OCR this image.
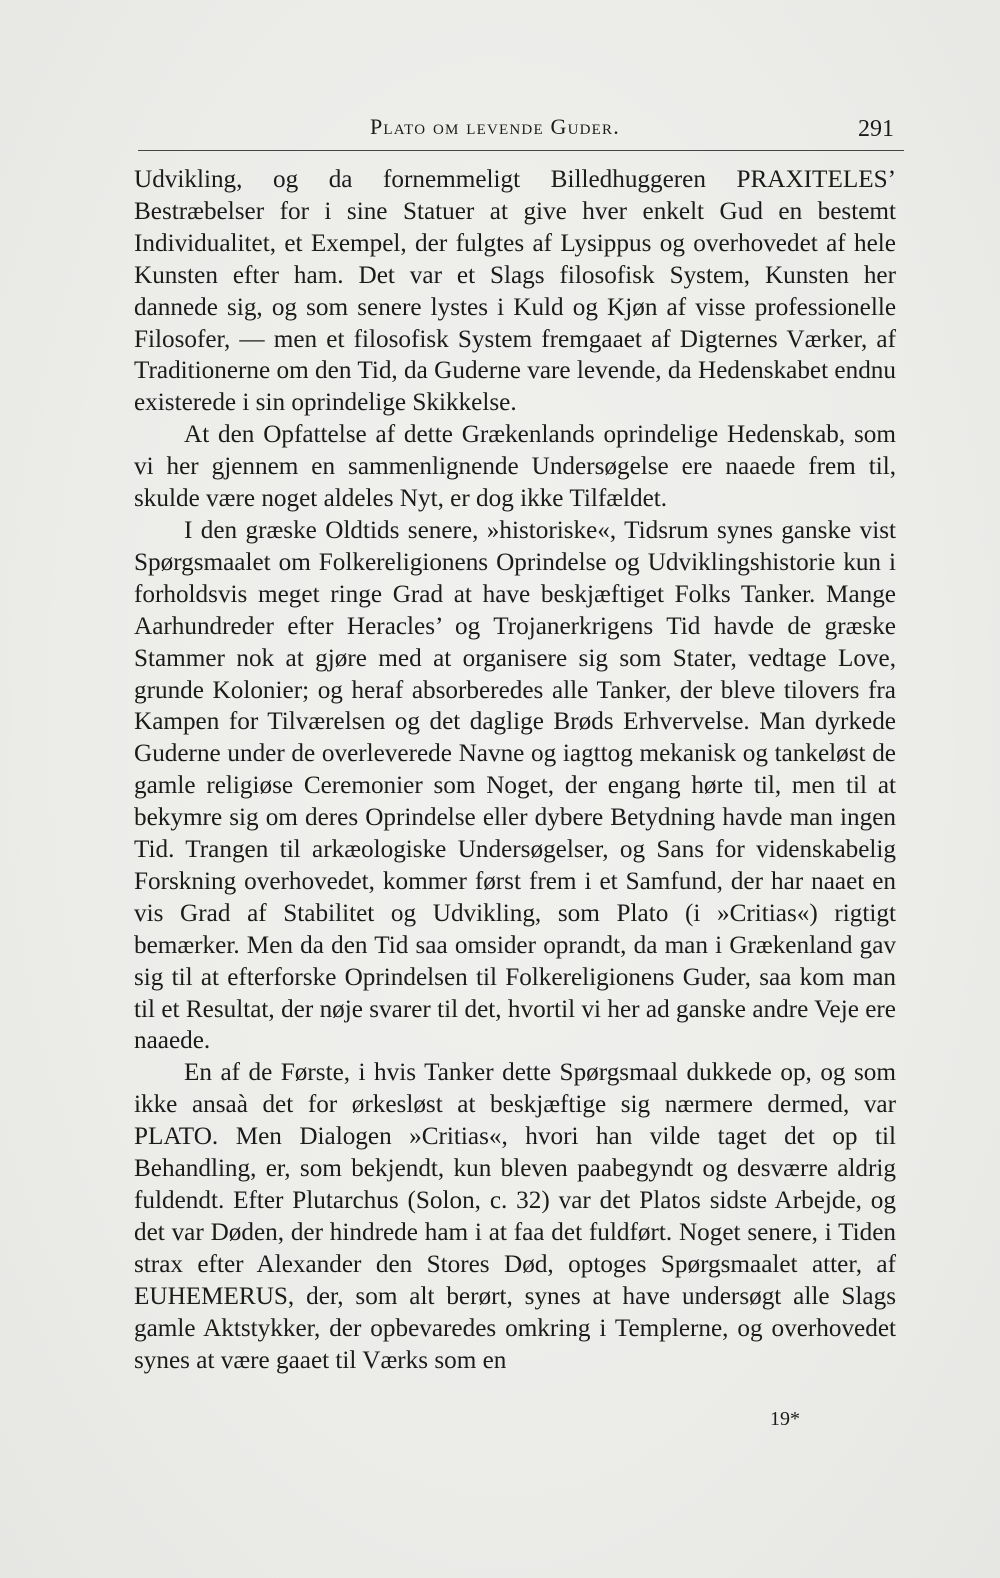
Plato om levende Guder.	291

Udvikling, og da fornemmeligt Billedhuggeren PRAXITELES’ Bestræbelser for i sine Statuer at give hver enkelt Gud en bestemt Individualitet, et Exempel, der fulgtes af Lysippus og overhovedet af hele Kunsten efter ham. Det var et Slags filosofisk System, Kunsten her dannede sig, og som senere lystes i Kuld og Kjøn af visse professionelle Filosofer, — men et filosofisk System fremgaaet af Digternes Værker, af Traditionerne om den Tid, da Guderne vare levende, da Hedenskabet endnu existerede i sin oprindelige Skikkelse.

At den Opfattelse af dette Grækenlands oprindelige Hedenskab, som vi her gjennem en sammenlignende Undersøgelse ere naaede frem til, skulde være noget aldeles Nyt, er dog ikke Tilfældet.

I den græske Oldtids senere, »historiske«, Tidsrum synes ganske vist Spørgsmaalet om Folkereligionens Oprindelse og Udviklingshistorie kun i forholdsvis meget ringe Grad at have beskjæftiget Folks Tanker. Mange Aarhundreder efter Heracles’ og Trojanerkrigens Tid havde de græske Stammer nok at gjøre med at organisere sig som Stater, vedtage Love, grunde Kolonier; og heraf absorberedes alle Tanker, der bleve tilovers fra Kampen for Tilværelsen og det daglige Brøds Erhvervelse. Man dyrkede Guderne under de overleverede Navne og iagttog mekanisk og tankeløst de gamle religiøse Ceremonier som Noget, der engang hørte til, men til at bekymre sig om deres Oprindelse eller dybere Betydning havde man ingen Tid. Trangen til arkæologiske Undersøgelser, og Sans for videnskabelig Forskning overhovedet, kommer først frem i et Samfund, der har naaet en vis Grad af Stabilitet og Udvikling, som Plato (i »Critias«) rigtigt bemærker. Men da den Tid saa omsider oprandt, da man i Grækenland gav sig til at efterforske Oprindelsen til Folkereligionens Guder, saa kom man til et Resultat, der nøje svarer til det, hvortil vi her ad ganske andre Veje ere naaede.

En af de Første, i hvis Tanker dette Spørgsmaal dukkede op, og som ikke ansaà det for ørkesløst at beskjæftige sig nærmere dermed, var PLATO. Men Dialogen »Critias«, hvori han vilde taget det op til Behandling, er, som bekjendt, kun bleven paabegyndt og desværre aldrig fuldendt. Efter Plutarchus (Solon, c. 32) var det Platos sidste Arbejde, og det var Døden, der hindrede ham i at faa det fuldført. Noget senere, i Tiden strax efter Alexander den Stores Død, optoges Spørgsmaalet atter, af EUHEMERUS, der, som alt berørt, synes at have undersøgt alle Slags gamle Aktstykker, der opbevaredes omkring i Templerne, og overhovedet synes at være gaaet til Værks som en

19*
